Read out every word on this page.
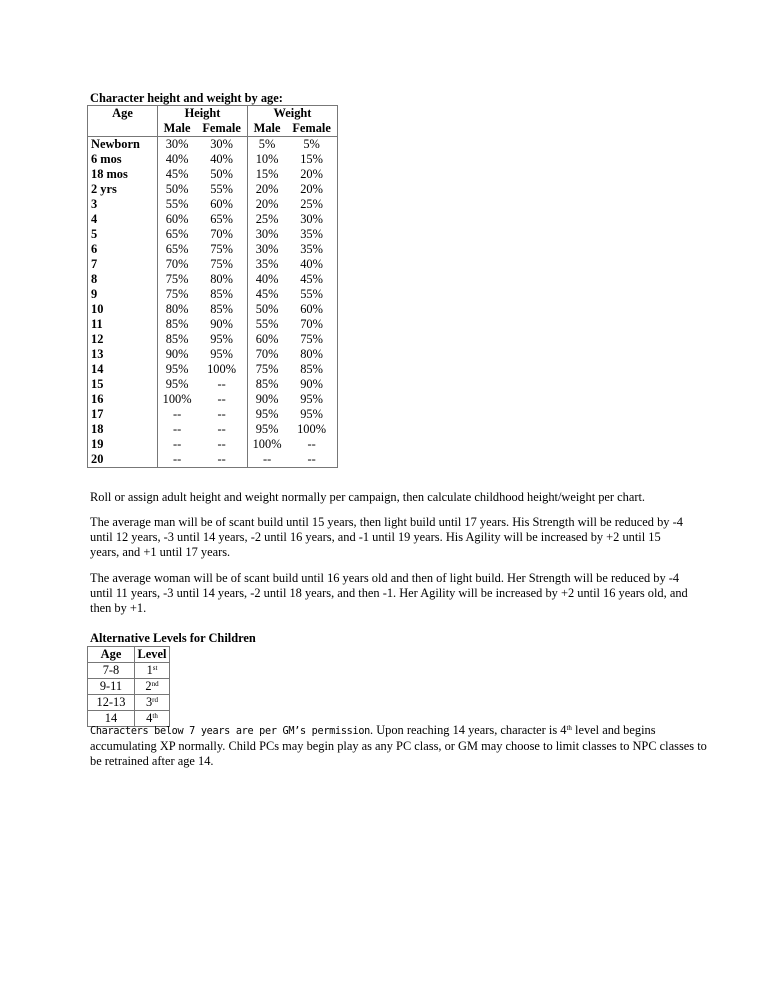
Character height and weight by age:
Age	Height		Weight	
	Male	Female	Male	Female
Newborn	30%	30%	5%	5%
6 mos	40%	40%	10%	15%
18 mos	45%	50%	15%	20%
2 yrs	50%	55%	20%	20%
3	55%	60%	20%	25%
4	60%	65%	25%	30%
5	65%	70%	30%	35%
6	65%	75%	30%	35%
7	70%	75%	35%	40%
8	75%	80%	40%	45%
9	75%	85%	45%	55%
10	80%	85%	50%	60%
11	85%	90%	55%	70%
12	85%	95%	60%	75%
13	90%	95%	70%	80%
14	95%	100%	75%	85%
15	95%	--	85%	90%
16	100%	--	90%	95%
17	--	--	95%	95%
18	--	--	95%	100%
19	--	--	100%	--
20	--	--	--	--

Roll or assign adult height and weight normally per campaign, then calculate childhood height/weight per chart.

The average man will be of scant build until 15 years, then light build until 17 years. His Strength will be reduced by -4 until 12 years, -3 until 14 years, -2 until 16 years, and -1 until 19 years. His Agility will be increased by +2 until 15 years, and +1 until 17 years.

The average woman will be of scant build until 16 years old and then of light build. Her Strength will be reduced by -4 until 11 years, -3 until 14 years, -2 until 18 years, and then -1. Her Agility will be increased by +2 until 16 years old, and then by +1.

Alternative Levels for Children
Age	Level
7-8	1st
9-11	2nd
12-13	3rd
14	4th

Characters below 7 years are per GM’s permission. Upon reaching 14 years, character is 4th level and begins accumulating XP normally. Child PCs may begin play as any PC class, or GM may choose to limit classes to NPC classes to be retrained after age 14.
